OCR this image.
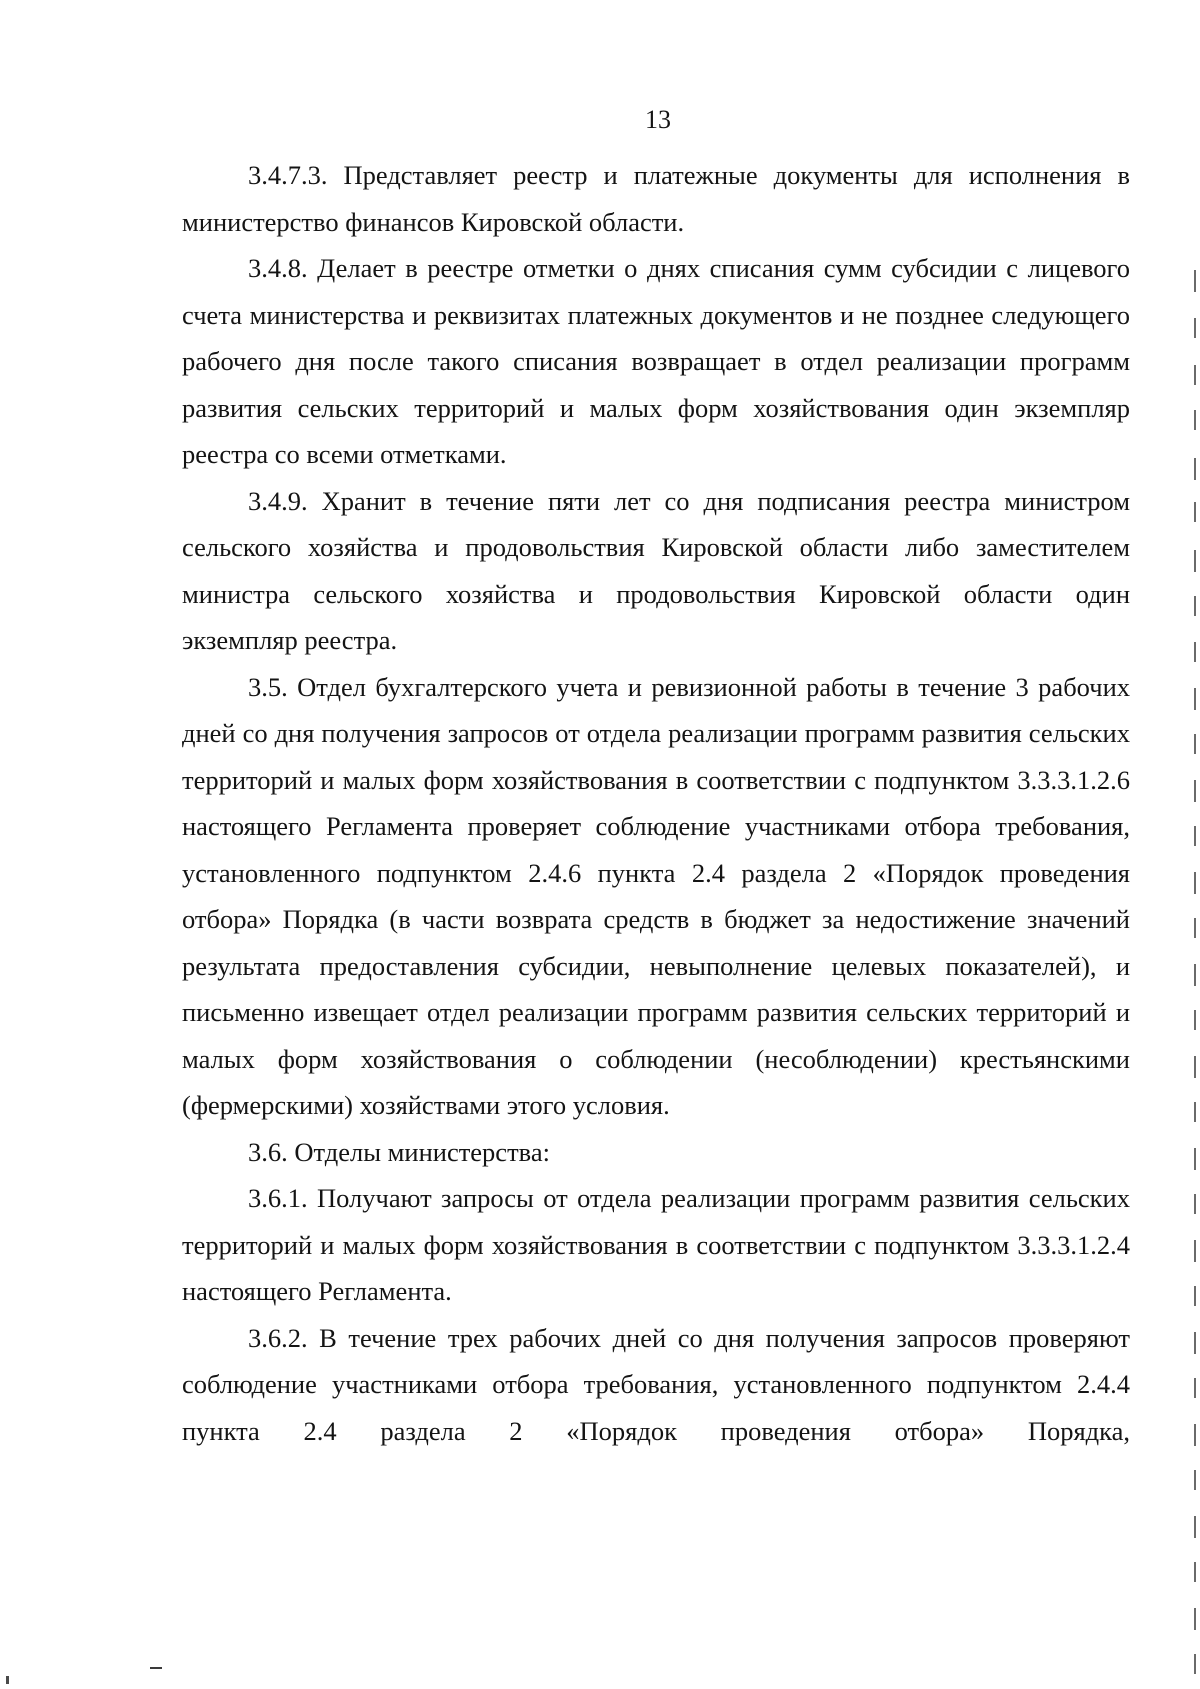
13

3.4.7.3. Представляет реестр и платежные документы для исполнения в министерство финансов Кировской области.

3.4.8. Делает в реестре отметки о днях списания сумм субсидии с лицевого счета министерства и реквизитах платежных документов и не позднее следующего рабочего дня после такого списания возвращает в отдел реализации программ развития сельских территорий и малых форм хозяйствования один экземпляр реестра со всеми отметками.

3.4.9. Хранит в течение пяти лет со дня подписания реестра министром сельского хозяйства и продовольствия Кировской области либо заместителем министра сельского хозяйства и продовольствия Кировской области один экземпляр реестра.

3.5. Отдел бухгалтерского учета и ревизионной работы в течение 3 рабочих дней со дня получения запросов от отдела реализации программ развития сельских территорий и малых форм хозяйствования в соответствии с подпунктом 3.3.3.1.2.6 настоящего Регламента проверяет соблюдение участниками отбора требования, установленного подпунктом 2.4.6 пункта 2.4 раздела 2 «Порядок проведения отбора» Порядка (в части возврата средств в бюджет за недостижение значений результата предоставления субсидии, невыполнение целевых показателей), и письменно извещает отдел реализации программ развития сельских территорий и малых форм хозяйствования о соблюдении (несоблюдении) крестьянскими (фермерскими) хозяйствами этого условия.

3.6. Отделы министерства:

3.6.1. Получают запросы от отдела реализации программ развития сельских территорий и малых форм хозяйствования в соответствии с подпунктом 3.3.3.1.2.4 настоящего Регламента.

3.6.2. В течение трех рабочих дней со дня получения запросов проверяют соблюдение участниками отбора требования, установленного подпунктом 2.4.4 пункта 2.4 раздела 2 «Порядок проведения отбора» Порядка,
